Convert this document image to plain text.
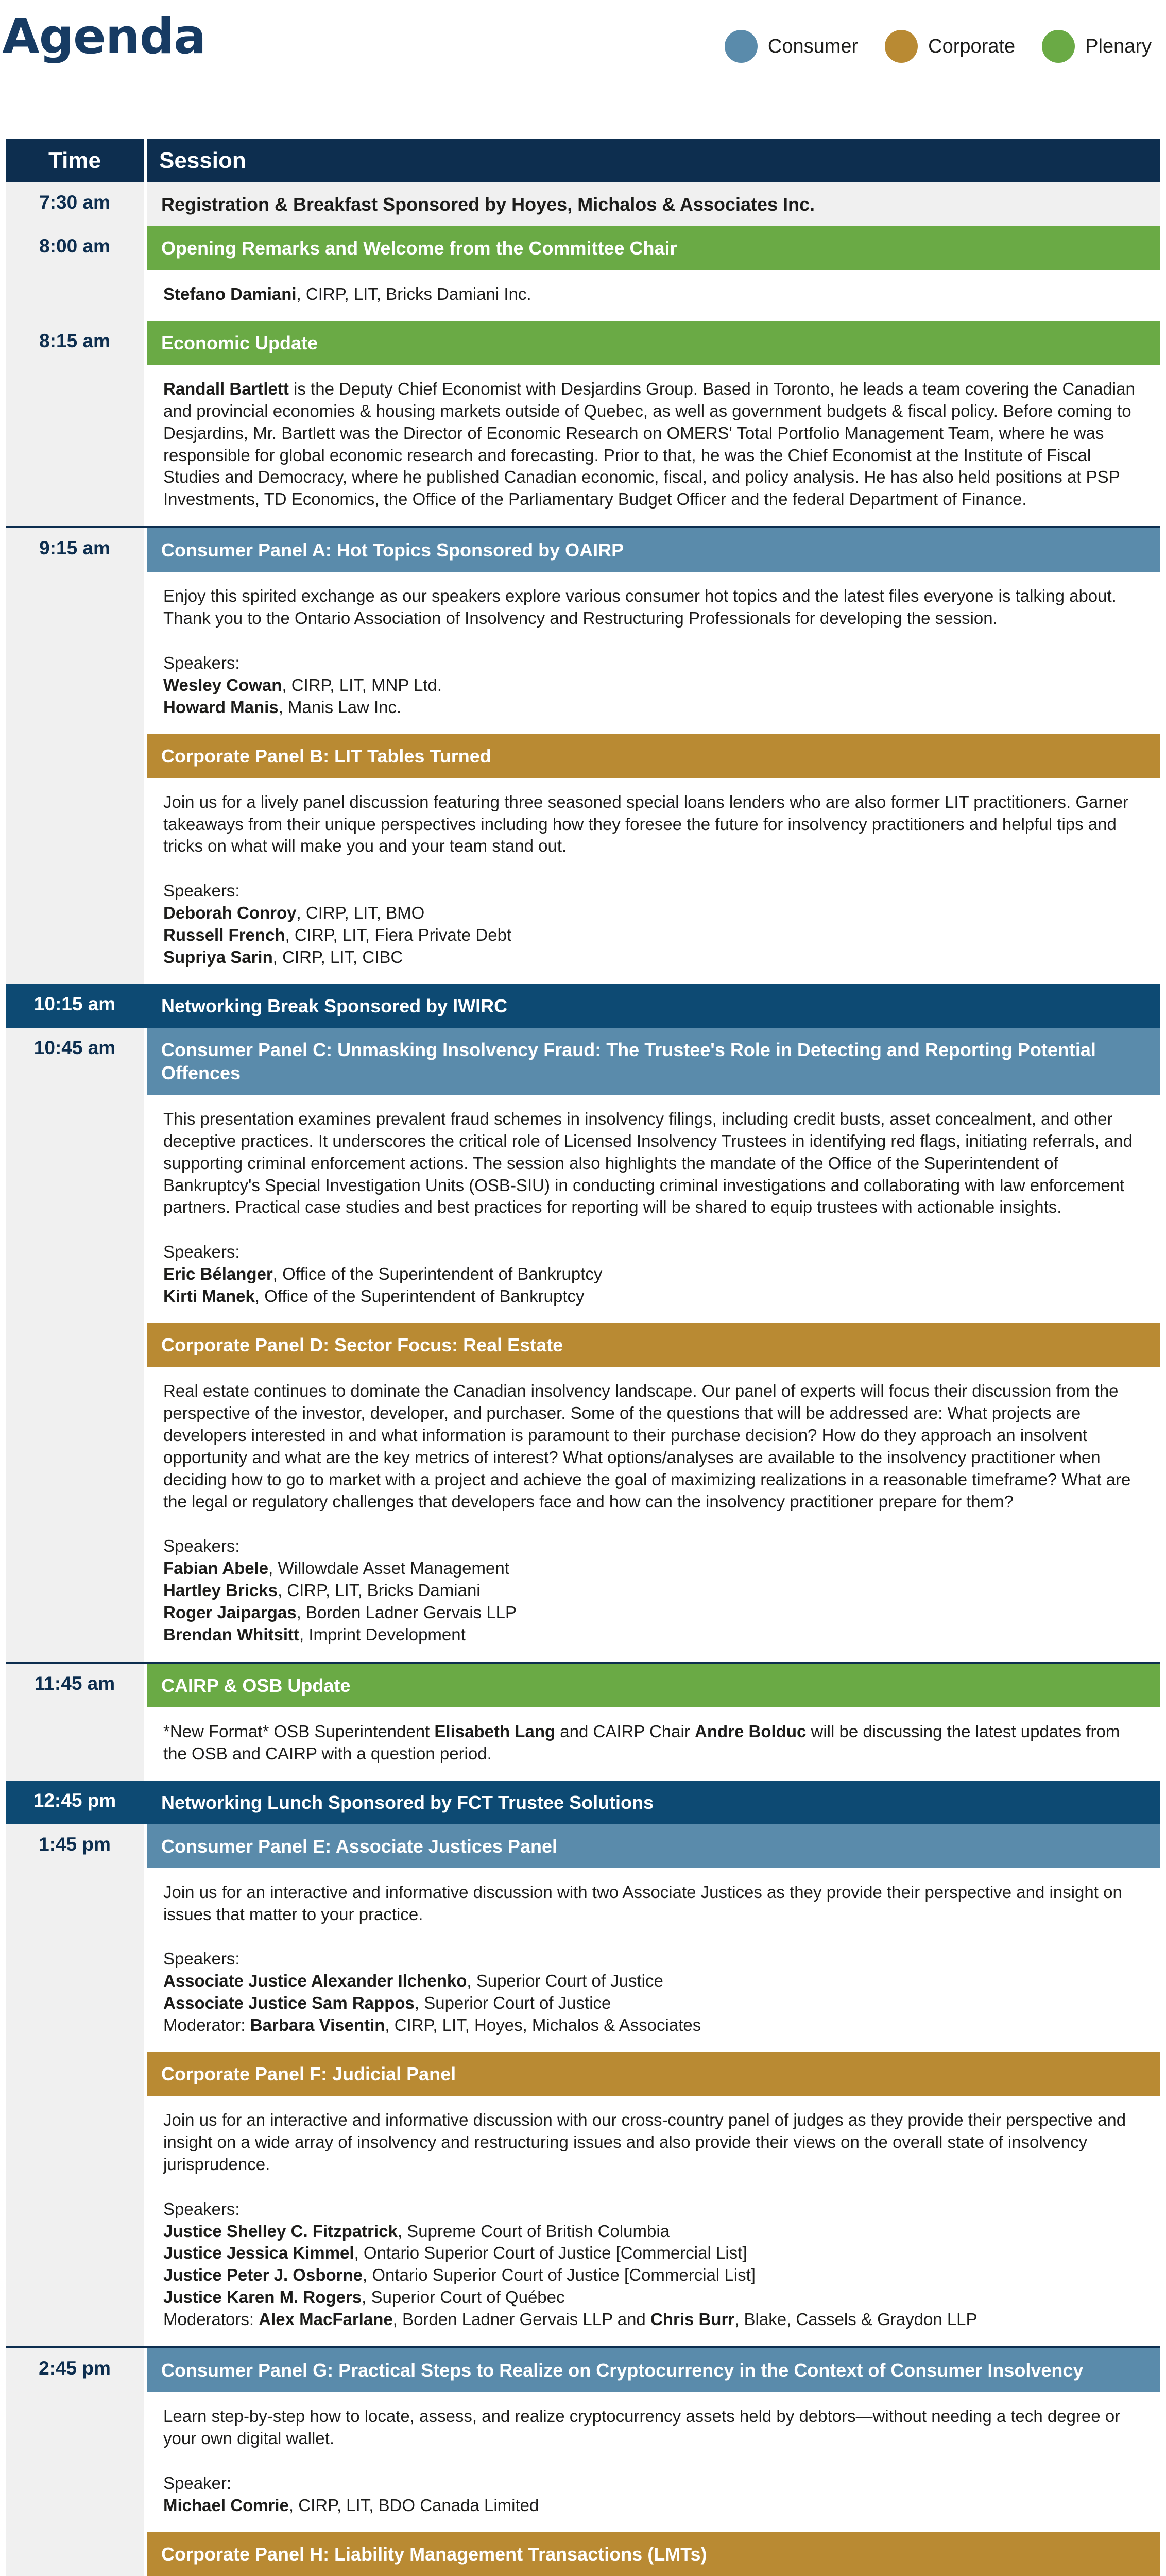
Agenda	Consumer	Corporate	Plenary
Time	Session
7:30 am	Registration & Breakfast Sponsored by Hoyes, Michalos & Associates Inc.
8:00 am	Opening Remarks and Welcome from the Committee Chair
Stefano Damiani, CIRP, LIT, Bricks Damiani Inc.
8:15 am	Economic Update

Randall Bartlett is the Deputy Chief Economist with Desjardins Group. Based in Toronto, he leads a team covering the Canadian and provincial economies & housing markets outside of Quebec, as well as government budgets & fiscal policy. Before coming to Desjardins, Mr. Bartlett was the Director of Economic Research on OMERS' Total Portfolio Management Team, where he was responsible for global economic research and forecasting. Prior to that, he was the Chief Economist at the Institute of Fiscal Studies and Democracy, where he published Canadian economic, fiscal, and policy analysis. He has also held positions at PSP Investments, TD Economics, the Office of the Parliamentary Budget Officer and the federal Department of Finance.

9:15 am	Consumer Panel A: Hot Topics Sponsored by OAIRP

Enjoy this spirited exchange as our speakers explore various consumer hot topics and the latest files everyone is talking about. Thank you to the Ontario Association of Insolvency and Restructuring Professionals for developing the session.

Speakers:
Wesley Cowan, CIRP, LIT, MNP Ltd.
Howard Manis, Manis Law Inc.
Corporate Panel B: LIT Tables Turned

Join us for a lively panel discussion featuring three seasoned special loans lenders who are also former LIT practitioners. Garner takeaways from their unique perspectives including how they foresee the future for insolvency practitioners and helpful tips and tricks on what will make you and your team stand out.

Speakers:
Deborah Conroy, CIRP, LIT, BMO
Russell French, CIRP, LIT, Fiera Private Debt
Supriya Sarin, CIRP, LIT, CIBC
10:15 am	Networking Break Sponsored by IWIRC
10:45 am	Consumer Panel C: Unmasking Insolvency Fraud: The Trustee's Role in Detecting and Reporting Potential Offences

This presentation examines prevalent fraud schemes in insolvency filings, including credit busts, asset concealment, and other deceptive practices. It underscores the critical role of Licensed Insolvency Trustees in identifying red flags, initiating referrals, and supporting criminal enforcement actions. The session also highlights the mandate of the Office of the Superintendent of Bankruptcy's Special Investigation Units (OSB-SIU) in conducting criminal investigations and collaborating with law enforcement partners. Practical case studies and best practices for reporting will be shared to equip trustees with actionable insights.

Speakers:
Eric Bélanger, Office of the Superintendent of Bankruptcy
Kirti Manek, Office of the Superintendent of Bankruptcy
Corporate Panel D: Sector Focus: Real Estate

Real estate continues to dominate the Canadian insolvency landscape. Our panel of experts will focus their discussion from the perspective of the investor, developer, and purchaser. Some of the questions that will be addressed are: What projects are developers interested in and what information is paramount to their purchase decision? How do they approach an insolvent opportunity and what are the key metrics of interest? What options/analyses are available to the insolvency practitioner when deciding how to go to market with a project and achieve the goal of maximizing realizations in a reasonable timeframe? What are the legal or regulatory challenges that developers face and how can the insolvency practitioner prepare for them?

Speakers:
Fabian Abele, Willowdale Asset Management
Hartley Bricks, CIRP, LIT, Bricks Damiani
Roger Jaipargas, Borden Ladner Gervais LLP
Brendan Whitsitt, Imprint Development
11:45 am	CAIRP & OSB Update

*New Format* OSB Superintendent Elisabeth Lang and CAIRP Chair Andre Bolduc will be discussing the latest updates from the OSB and CAIRP with a question period.

12:45 pm	Networking Lunch Sponsored by FCT Trustee Solutions
1:45 pm	Consumer Panel E: Associate Justices Panel

Join us for an interactive and informative discussion with two Associate Justices as they provide their perspective and insight on issues that matter to your practice.

Speakers:
Associate Justice Alexander Ilchenko, Superior Court of Justice
Associate Justice Sam Rappos, Superior Court of Justice
Moderator: Barbara Visentin, CIRP, LIT, Hoyes, Michalos & Associates
Corporate Panel F: Judicial Panel

Join us for an interactive and informative discussion with our cross-country panel of judges as they provide their perspective and insight on a wide array of insolvency and restructuring issues and also provide their views on the overall state of insolvency jurisprudence.

Speakers:
Justice Shelley C. Fitzpatrick, Supreme Court of British Columbia
Justice Jessica Kimmel, Ontario Superior Court of Justice [Commercial List]
Justice Peter J. Osborne, Ontario Superior Court of Justice [Commercial List]
Justice Karen M. Rogers, Superior Court of Québec
Moderators: Alex MacFarlane, Borden Ladner Gervais LLP and Chris Burr, Blake, Cassels & Graydon LLP
2:45 pm	Consumer Panel G: Practical Steps to Realize on Cryptocurrency in the Context of Consumer Insolvency

Learn step-by-step how to locate, assess, and realize cryptocurrency assets held by debtors—without needing a tech degree or your own digital wallet.

Speaker:
Michael Comrie, CIRP, LIT, BDO Canada Limited
Corporate Panel H: Liability Management Transactions (LMTs)
